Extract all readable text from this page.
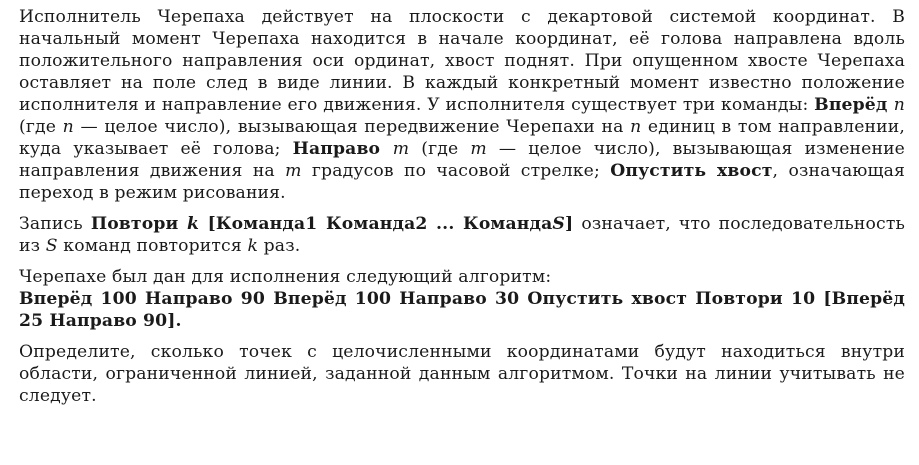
Исполнитель Черепаха действует на плоскости с декартовой системой координат. В начальный момент Черепаха находится в начале координат, её голова направлена вдоль положительного направления оси ординат, хвост поднят. При опущенном хвосте Черепаха оставляет на поле след в виде линии. В каждый конкретный момент известно положение исполнителя и направление его движения. У исполнителя существует три команды: Вперёд n (где n — целое число), вызывающая передвижение Черепахи на n единиц в том направлении, куда указывает её голова; Направо m (где m — целое число), вызывающая изменение направления движения на m градусов по часовой стрелке; Опустить хвост, означающая переход в режим рисования.

Запись Повтори k [Команда1 Команда2 ... КомандаS] означает, что последовательность из S команд повторится k раз.

Черепахе был дан для исполнения следующий алгоритм:

Вперёд 100 Направо 90 Вперёд 100 Направо 30 Опустить хвост Повтори 10 [Вперёд 25 Направо 90].

Определите, сколько точек с целочисленными координатами будут находиться внутри области, ограниченной линией, заданной данным алгоритмом. Точки на линии учитывать не следует.
